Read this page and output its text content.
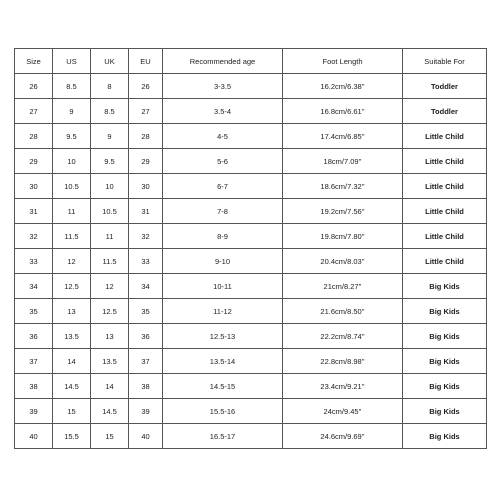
Size	US	UK	EU	Recommended age	Foot Length	Suitable For
26	8.5	8	26	3-3.5	16.2cm/6.38''	Toddler
27	9	8.5	27	3.5-4	16.8cm/6.61''	Toddler
28	9.5	9	28	4-5	17.4cm/6.85''	Little Child
29	10	9.5	29	5-6	18cm/7.09''	Little Child
30	10.5	10	30	6-7	18.6cm/7.32''	Little Child
31	11	10.5	31	7-8	19.2cm/7.56''	Little Child
32	11.5	11	32	8-9	19.8cm/7.80''	Little Child
33	12	11.5	33	9-10	20.4cm/8.03''	Little Child
34	12.5	12	34	10-11	21cm/8.27''	Big Kids
35	13	12.5	35	11-12	21.6cm/8.50''	Big Kids
36	13.5	13	36	12.5-13	22.2cm/8.74''	Big Kids
37	14	13.5	37	13.5-14	22.8cm/8.98''	Big Kids
38	14.5	14	38	14.5-15	23.4cm/9.21''	Big Kids
39	15	14.5	39	15.5-16	24cm/9.45''	Big Kids
40	15.5	15	40	16.5-17	24.6cm/9.69''	Big Kids
